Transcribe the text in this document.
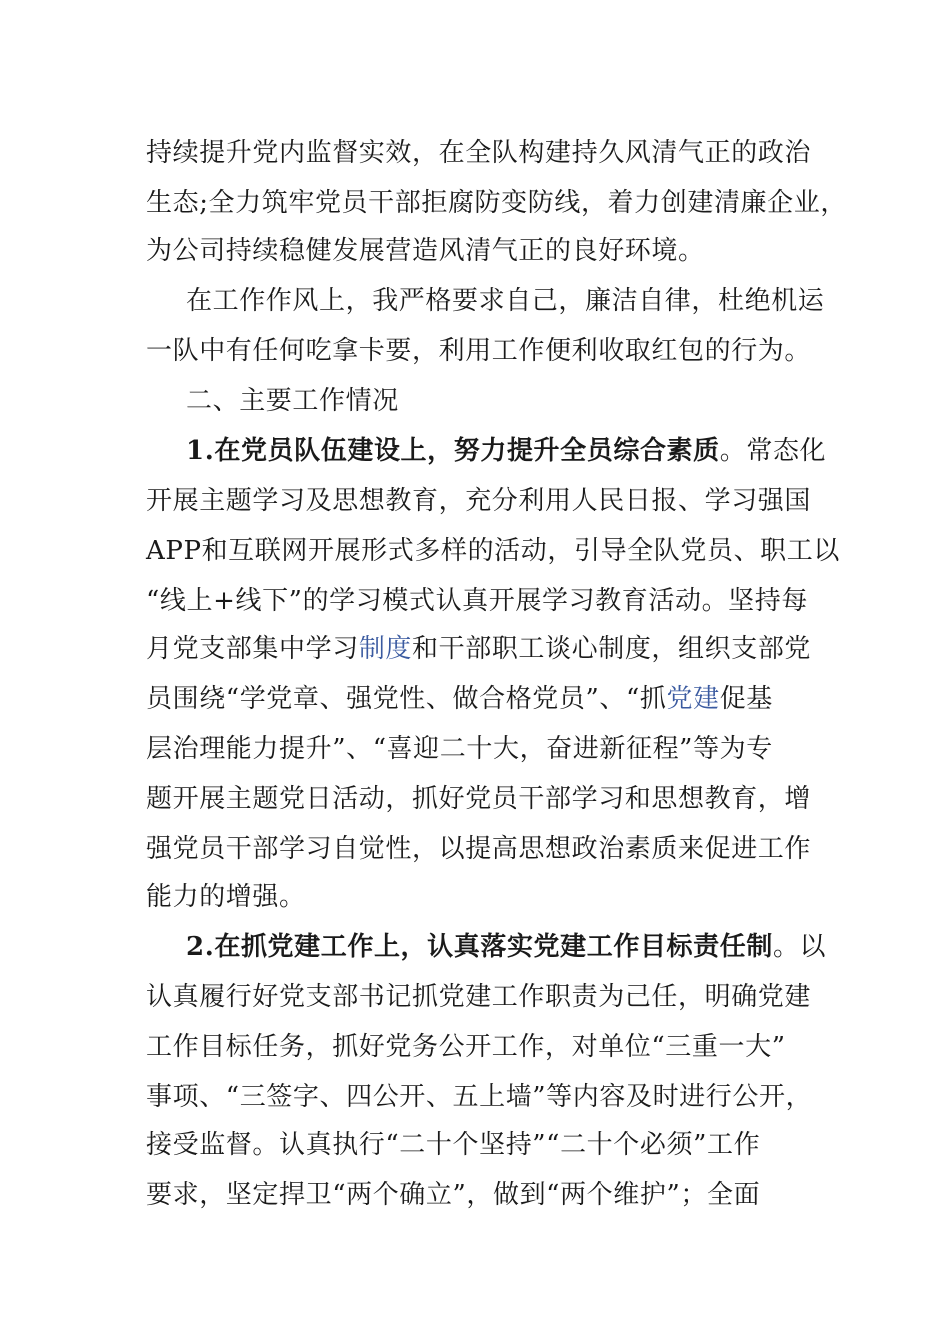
持续提升党内监督实效，在全队构建持久风清气正的政治
生态;全力筑牢党员干部拒腐防变防线，着力创建清廉企业，
为公司持续稳健发展营造风清气正的良好环境。
在工作作风上，我严格要求自己，廉洁自律，杜绝机运
一队中有任何吃拿卡要，利用工作便利收取红包的行为。
二、主要工作情况
1.在党员队伍建设上，努力提升全员综合素质。常态化
开展主题学习及思想教育，充分利用人民日报、学习强国
APP和互联网开展形式多样的活动，引导全队党员、职工以
“线上+线下”的学习模式认真开展学习教育活动。坚持每
月党支部集中学习制度和干部职工谈心制度，组织支部党
员围绕“学党章、强党性、做合格党员”、“抓党建促基
层治理能力提升”、“喜迎二十大，奋进新征程”等为专
题开展主题党日活动，抓好党员干部学习和思想教育，增
强党员干部学习自觉性，以提高思想政治素质来促进工作
能力的增强。
2.在抓党建工作上，认真落实党建工作目标责任制。以
认真履行好党支部书记抓党建工作职责为己任，明确党建
工作目标任务，抓好党务公开工作，对单位“三重一大”
事项、“三签字、四公开、五上墙”等内容及时进行公开，
接受监督。认真执行“二十个坚持”“二十个必须”工作
要求，坚定捍卫“两个确立”，做到“两个维护”；全面
